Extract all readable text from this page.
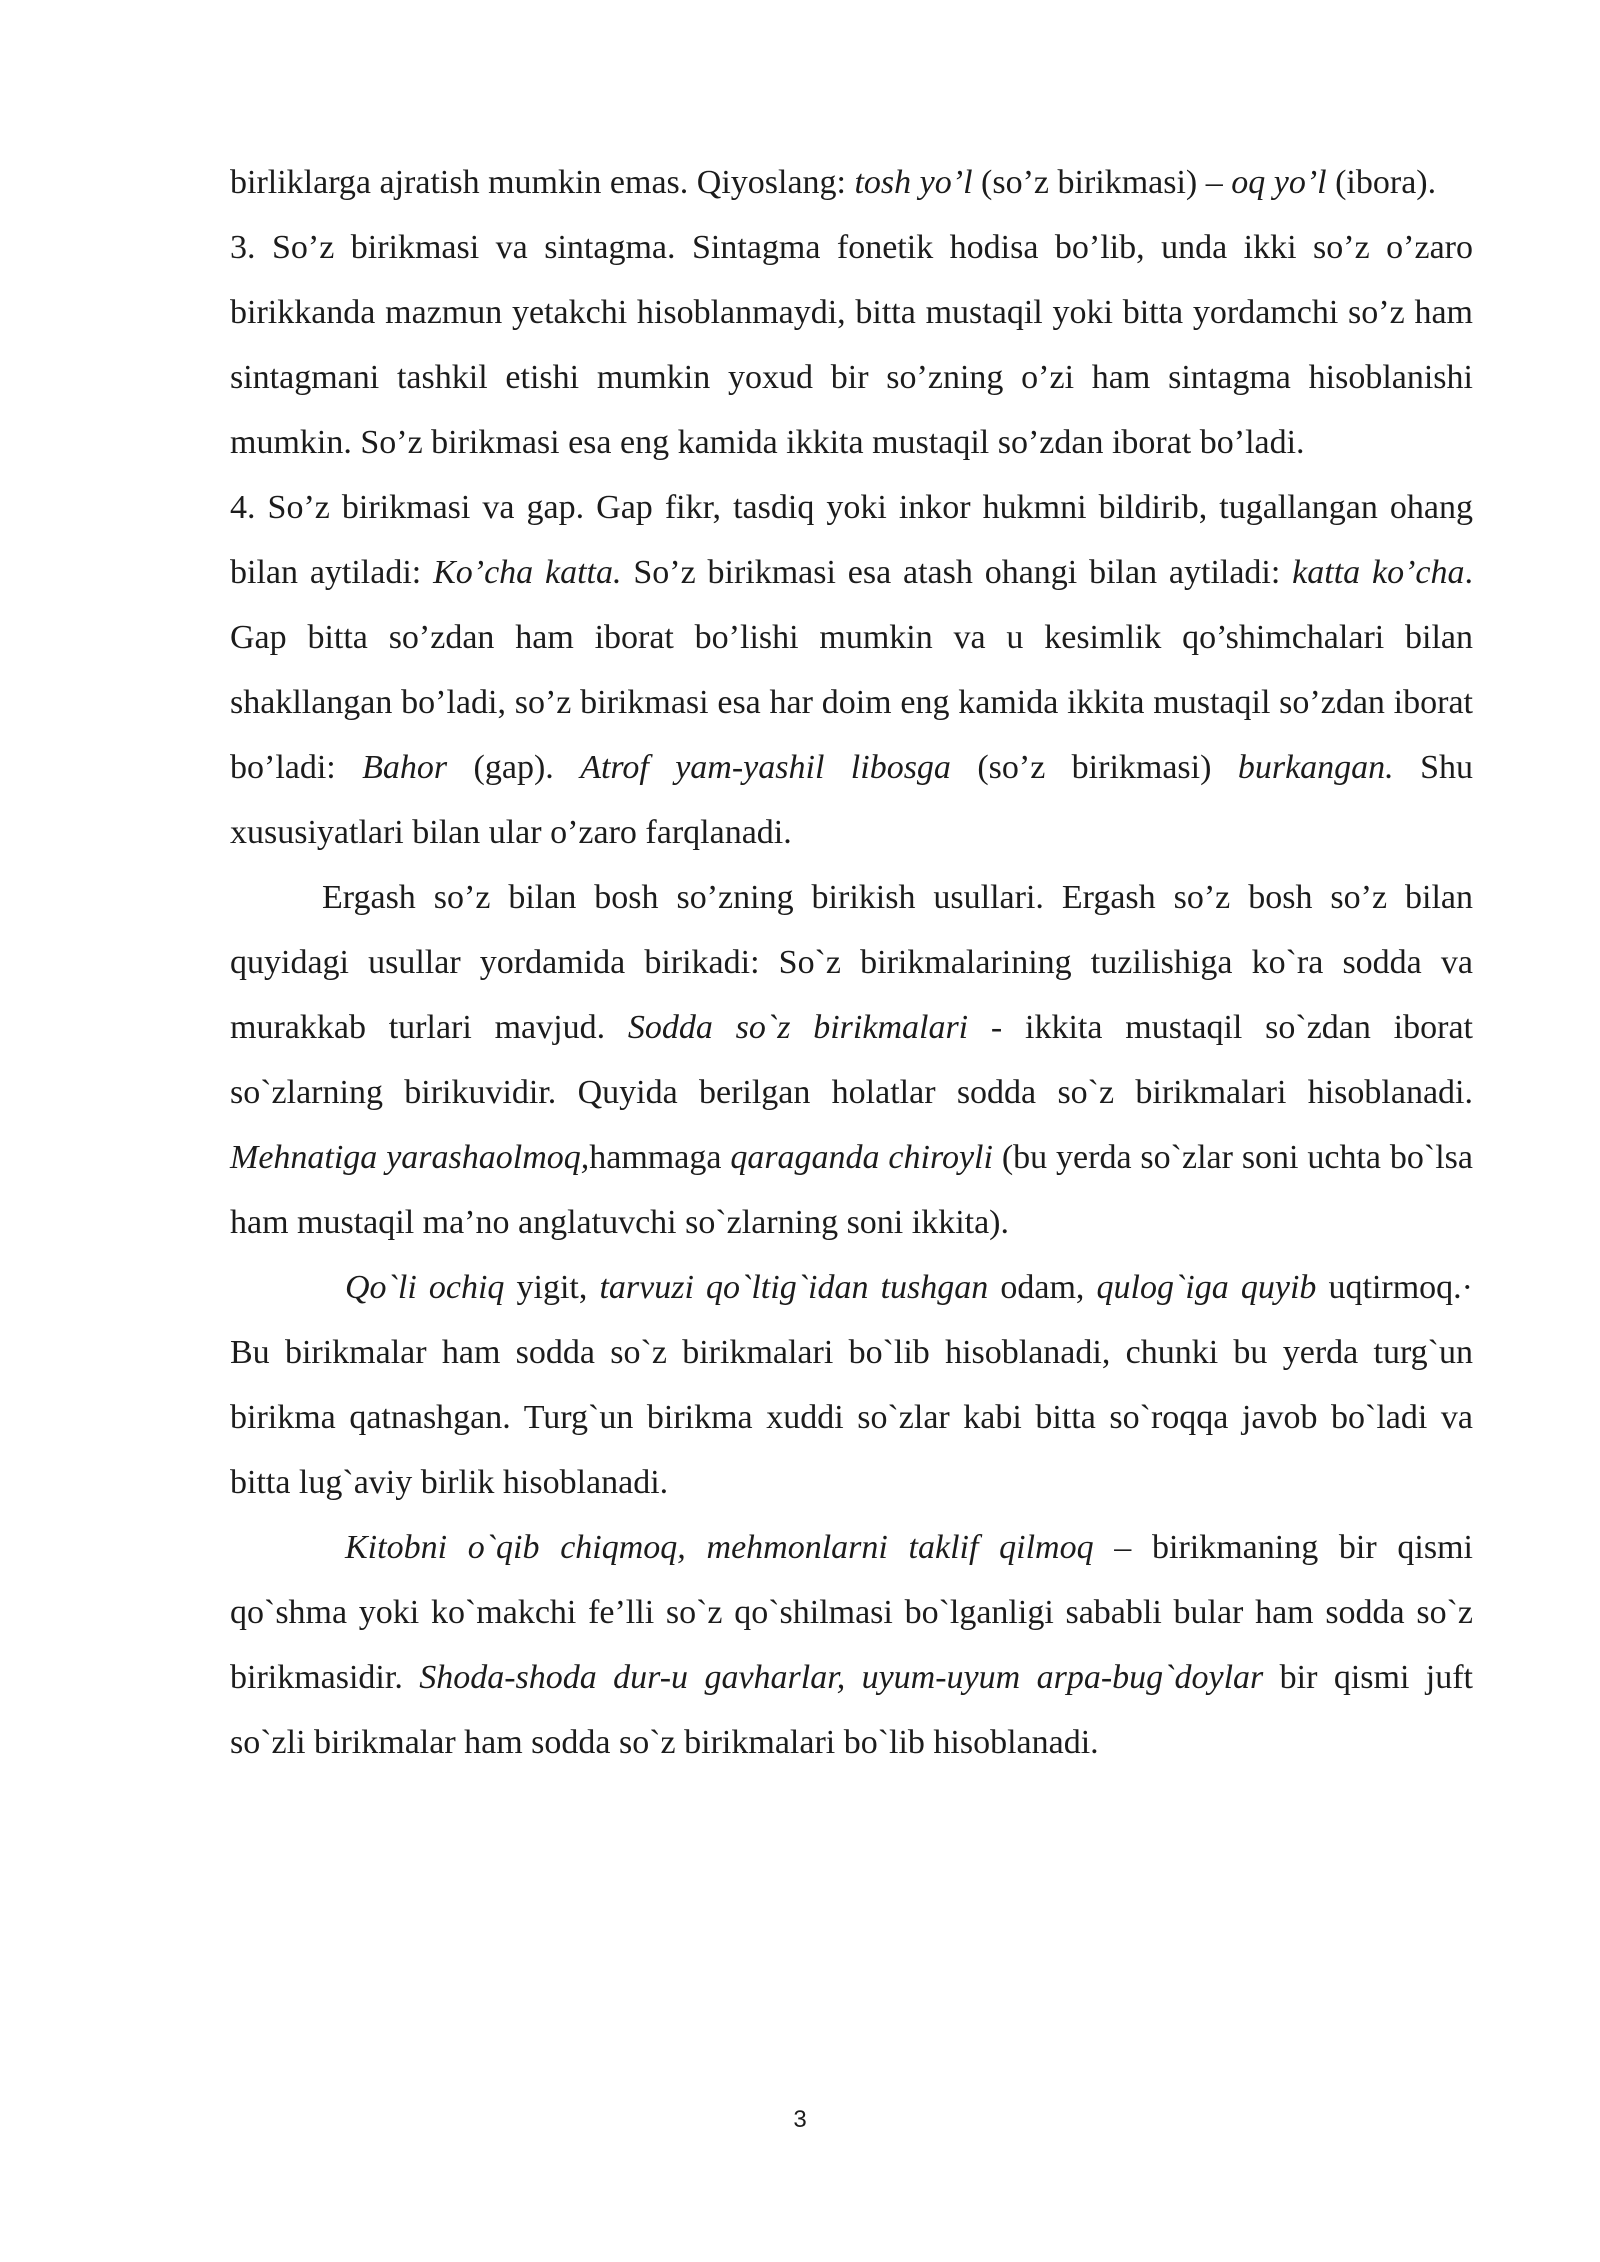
birliklarga ajratish mumkin emas. Qiyoslang: tosh yo’l (so’z birikmasi) – oq yo’l (ibora).

3. So’z birikmasi va sintagma. Sintagma fonetik hodisa bo’lib, unda ikki so’z o’zaro birikkanda mazmun yetakchi hisoblanmaydi, bitta mustaqil yoki bitta yordamchi so’z ham sintagmani tashkil etishi mumkin yoxud bir so’zning o’zi ham sintagma hisoblanishi mumkin. So’z birikmasi esa eng kamida ikkita mustaqil so’zdan iborat bo’ladi.

4. So’z birikmasi va gap. Gap fikr, tasdiq yoki inkor hukmni bildirib, tugallangan ohang bilan aytiladi: Ko’cha katta. So’z birikmasi esa atash ohangi bilan aytiladi: katta ko’cha. Gap bitta so’zdan ham iborat bo’lishi mumkin va u kesimlik qo’shimchalari bilan shakllangan bo’ladi, so’z birikmasi esa har doim eng kamida ikkita mustaqil so’zdan iborat bo’ladi: Bahor (gap). Atrof yam-yashil libosga (so’z birikmasi) burkangan. Shu xususiyatlari bilan ular o’zaro farqlanadi.

Ergash so’z bilan bosh so’zning birikish usullari. Ergash so’z bosh so’z bilan quyidagi usullar yordamida birikadi: So`z birikmalarining tuzilishiga ko`ra sodda va murakkab turlari mavjud. Sodda so`z birikmalari - ikkita mustaqil so`zdan iborat so`zlarning birikuvidir. Quyida berilgan holatlar sodda so`z birikmalari hisoblanadi. Mehnatiga yarashaolmoq,hammaga qaraganda chiroyli (bu yerda so`zlar soni uchta bo`lsa ham mustaqil ma’no anglatuvchi so`zlarning soni ikkita).

Qo`li ochiq yigit, tarvuzi qo`ltig`idan tushgan odam, qulog`iga quyib uqtirmoq.· Bu birikmalar ham sodda so`z birikmalari bo`lib hisoblanadi, chunki bu yerda turg`un birikma qatnashgan. Turg`un birikma xuddi so`zlar kabi bitta so`roqqa javob bo`ladi va bitta lug`aviy birlik hisoblanadi.

Kitobni o`qib chiqmoq, mehmonlarni taklif qilmoq – birikmaning bir qismi qo`shma yoki ko`makchi fe’lli so`z qo`shilmasi bo`lganligi sababli bular ham sodda so`z birikmasidir. Shoda-shoda dur-u gavharlar, uyum-uyum arpa-bug`doylar bir qismi juft so`zli birikmalar ham sodda so`z birikmalari bo`lib hisoblanadi.

3
